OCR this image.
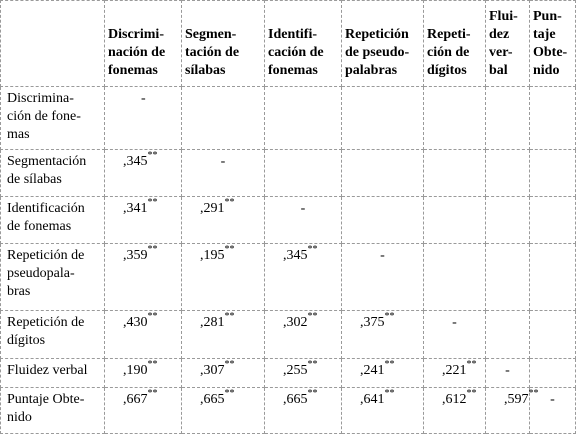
	Discrimi-
nación de
fonemas	Segmen-
tación de
sílabas	Identifi-
cación de
fonemas	Repetición
de pseudo-
palabras	Repeti-
ción de
dígitos	Flui-
dez
ver-
bal	Pun-
taje
Obte-
nido

Discrimina-
ción de fone-
mas	-						
Segmentación
de sílabas	,345**	-					
Identificación
de fonemas	,341**	,291**	-				
Repetición de
pseudopala-
bras	,359**	,195**	,345**	-			
Repetición de
dígitos	,430**	,281**	,302**	,375**	-		
Fluidez verbal	,190**	,307**	,255**	,241**	,221**	-	
Puntaje Obte-
nido	,667**	,665**	,665**	,641**	,612**	,597**	-
